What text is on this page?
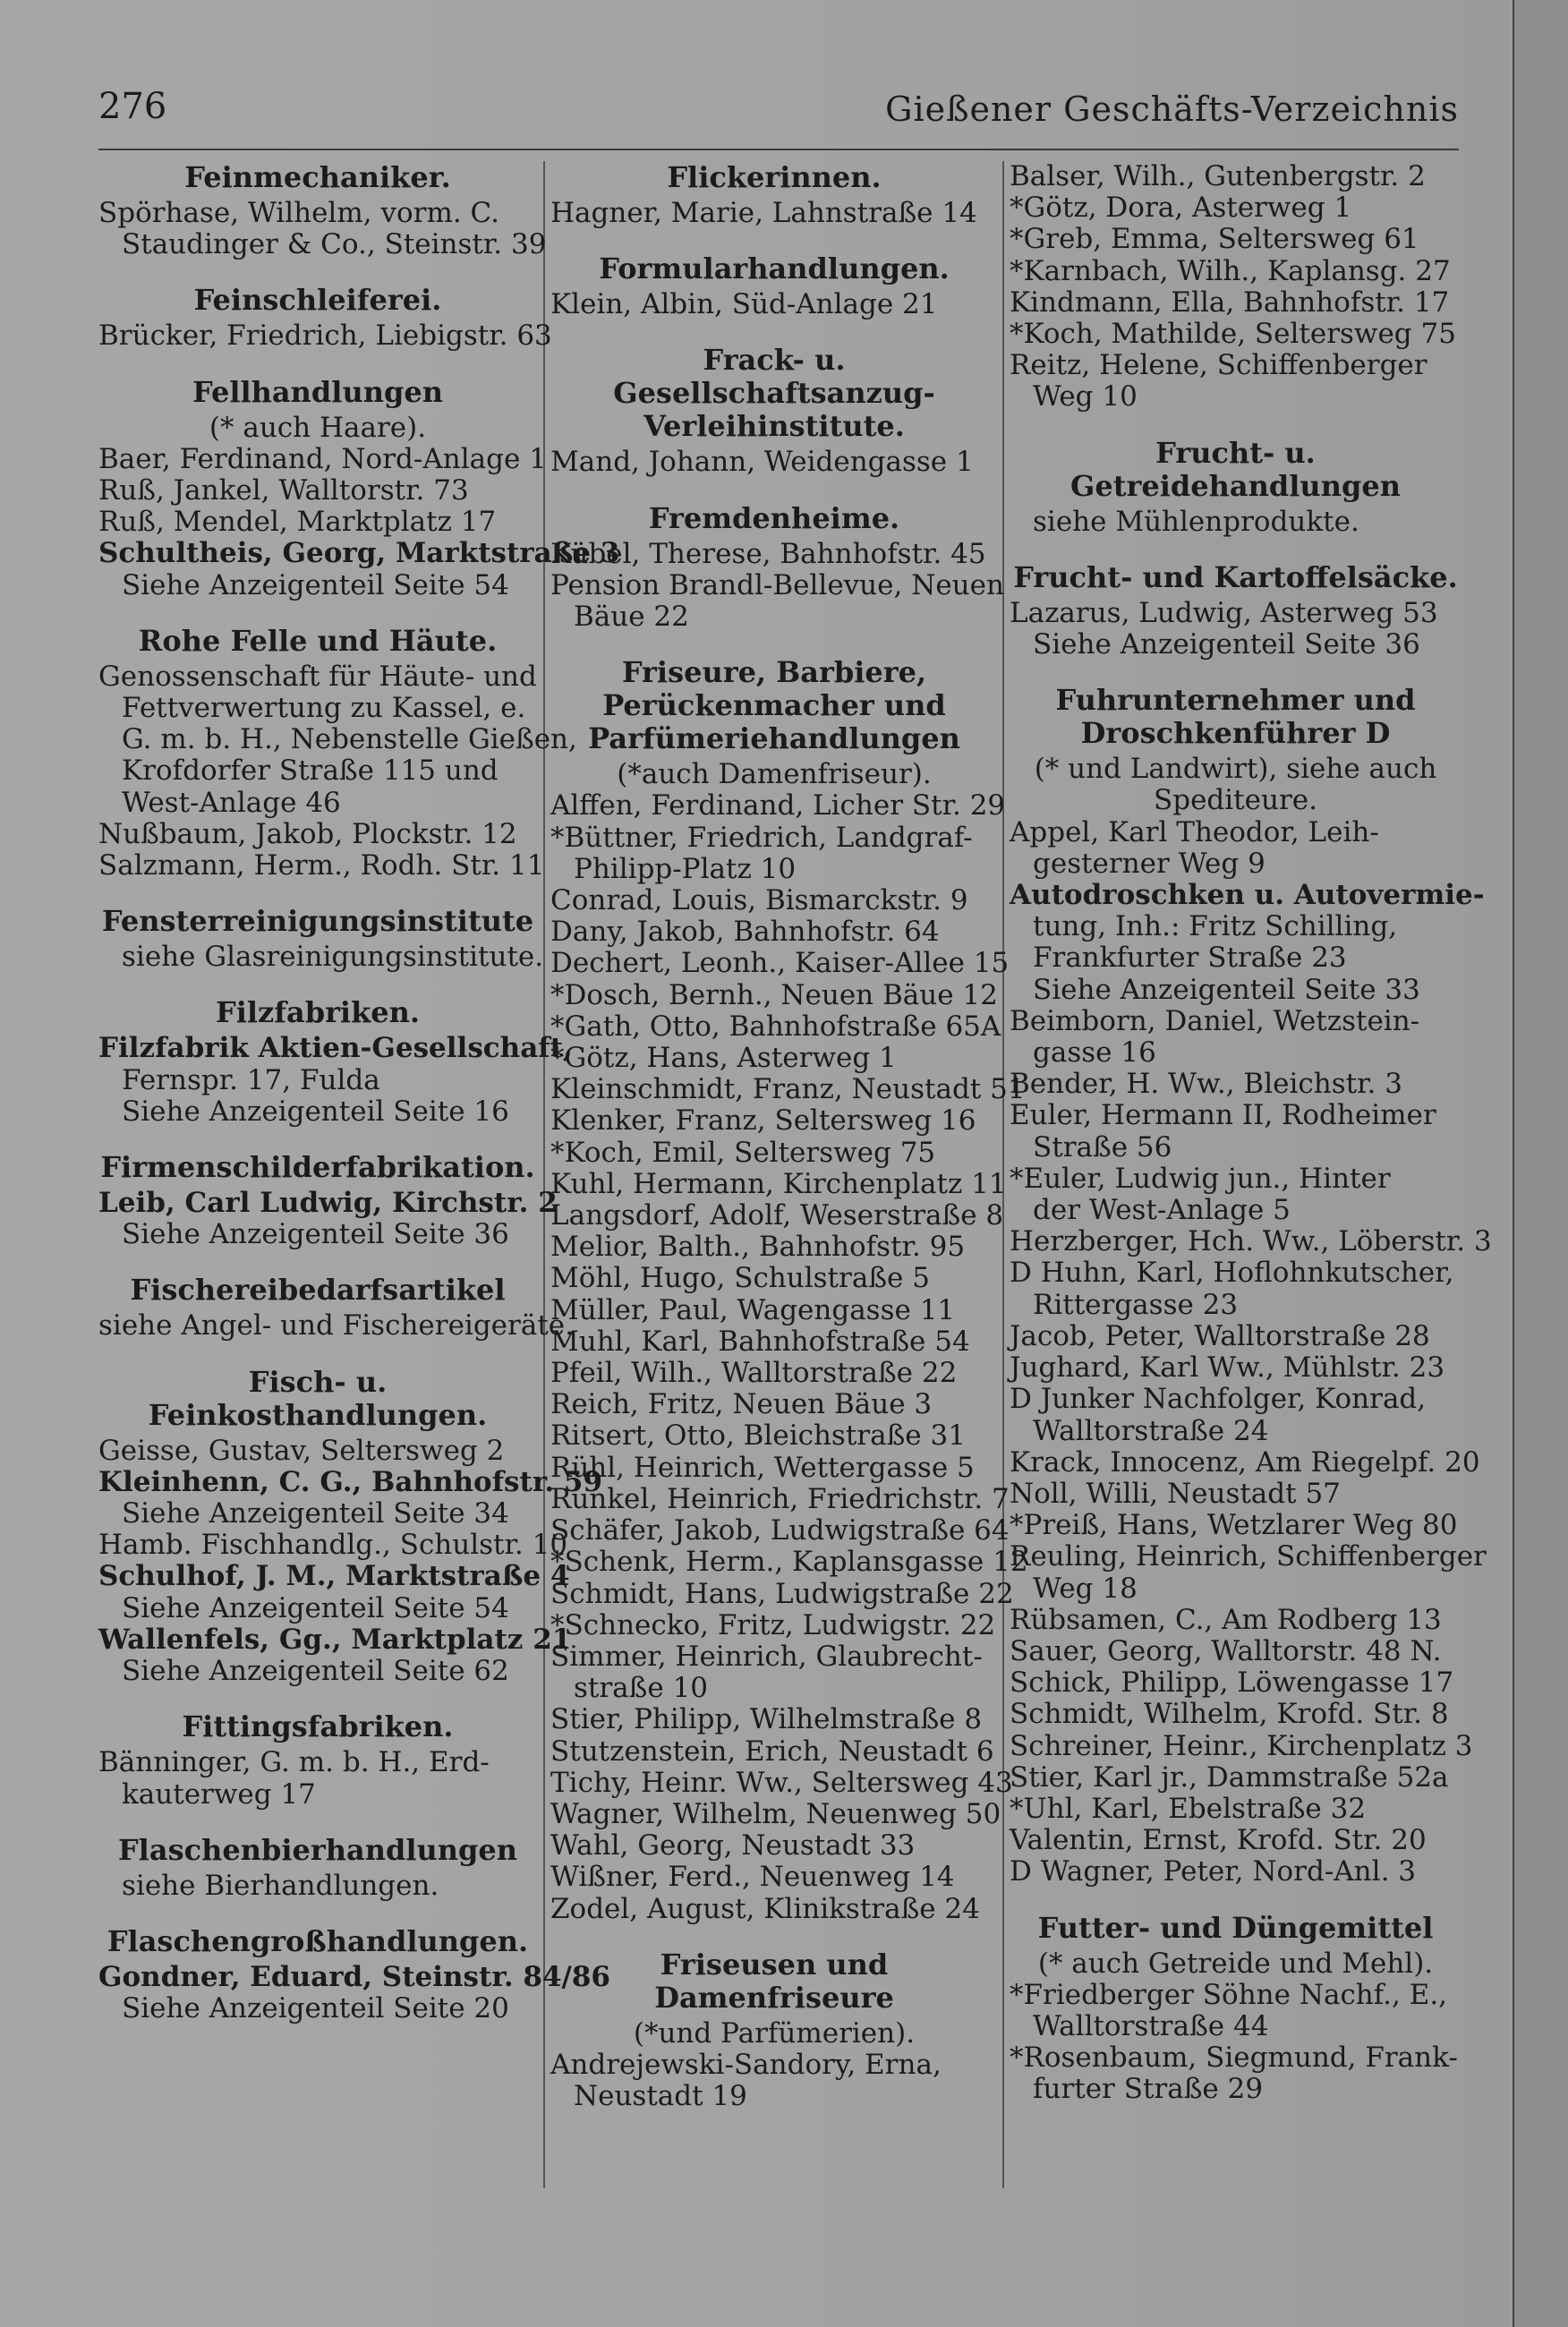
276	Gießener Geschäfts-Verzeichnis
Feinmechaniker.
Spörhase, Wilhelm, vorm. C.
Staudinger & Co., Steinstr. 39
Feinschleiferei.
Brücker, Friedrich, Liebigstr. 63
Fellhandlungen
(* auch Haare).
Baer, Ferdinand, Nord-Anlage 1
Ruß, Jankel, Walltorstr. 73
Ruß, Mendel, Marktplatz 17
Schultheis, Georg, Marktstraße 3
Siehe Anzeigenteil Seite 54
Rohe Felle und Häute.
Genossenschaft für Häute- und
Fettverwertung zu Kassel, e.
G. m. b. H., Nebenstelle Gießen,
Krofdorfer Straße 115 und
West-Anlage 46
Nußbaum, Jakob, Plockstr. 12
Salzmann, Herm., Rodh. Str. 11
Fensterreinigungsinstitute
siehe Glasreinigungsinstitute.
Filzfabriken.
Filzfabrik Aktien-Gesellschaft,
Fernspr. 17, Fulda
Siehe Anzeigenteil Seite 16
Firmenschilderfabrikation.
Leib, Carl Ludwig, Kirchstr. 2
Siehe Anzeigenteil Seite 36
Fischereibedarfsartikel
siehe Angel- und Fischereigeräte.
Fisch- u. Feinkosthandlungen.
Geisse, Gustav, Seltersweg 2
Kleinhenn, C. G., Bahnhofstr. 59
Siehe Anzeigenteil Seite 34
Hamb. Fischhandlg., Schulstr. 10
Schulhof, J. M., Marktstraße 4
Siehe Anzeigenteil Seite 54
Wallenfels, Gg., Marktplatz 21
Siehe Anzeigenteil Seite 62
Fittingsfabriken.
Bänninger, G. m. b. H., Erd-
kauterweg 17
Flaschenbierhandlungen
siehe Bierhandlungen.
Flaschengroßhandlungen.
Gondner, Eduard, Steinstr. 84/86
Siehe Anzeigenteil Seite 20
Flickerinnen.
Hagner, Marie, Lahnstraße 14
Formularhandlungen.
Klein, Albin, Süd-Anlage 21
Frack- u. Gesellschaftsanzug-Verleihinstitute.
Mand, Johann, Weidengasse 1
Fremdenheime.
Kübel, Therese, Bahnhofstr. 45
Pension Brandl-Bellevue, Neuen
Bäue 22
Friseure, Barbiere, Perückenmacher und Parfümeriehandlungen
(*auch Damenfriseur).
Alffen, Ferdinand, Licher Str. 29
*Büttner, Friedrich, Landgraf-
Philipp-Platz 10
Conrad, Louis, Bismarckstr. 9
Dany, Jakob, Bahnhofstr. 64
Dechert, Leonh., Kaiser-Allee 15
*Dosch, Bernh., Neuen Bäue 12
*Gath, Otto, Bahnhofstraße 65A
*Götz, Hans, Asterweg 1
Kleinschmidt, Franz, Neustadt 51
Klenker, Franz, Seltersweg 16
*Koch, Emil, Seltersweg 75
Kuhl, Hermann, Kirchenplatz 11
Langsdorf, Adolf, Weserstraße 8
Melior, Balth., Bahnhofstr. 95
Möhl, Hugo, Schulstraße 5
Müller, Paul, Wagengasse 11
Muhl, Karl, Bahnhofstraße 54
Pfeil, Wilh., Walltorstraße 22
Reich, Fritz, Neuen Bäue 3
Ritsert, Otto, Bleichstraße 31
Rühl, Heinrich, Wettergasse 5
Runkel, Heinrich, Friedrichstr. 7
Schäfer, Jakob, Ludwigstraße 64
*Schenk, Herm., Kaplansgasse 12
Schmidt, Hans, Ludwigstraße 22
*Schnecko, Fritz, Ludwigstr. 22
Simmer, Heinrich, Glaubrecht-
straße 10
Stier, Philipp, Wilhelmstraße 8
Stutzenstein, Erich, Neustadt 6
Tichy, Heinr. Ww., Seltersweg 43
Wagner, Wilhelm, Neuenweg 50
Wahl, Georg, Neustadt 33
Wißner, Ferd., Neuenweg 14
Zodel, August, Klinikstraße 24
Friseusen und Damenfriseure
(*und Parfümerien).
Andrejewski-Sandory, Erna,
Neustadt 19
Balser, Wilh., Gutenbergstr. 2
*Götz, Dora, Asterweg 1
*Greb, Emma, Seltersweg 61
*Karnbach, Wilh., Kaplansg. 27
Kindmann, Ella, Bahnhofstr. 17
*Koch, Mathilde, Seltersweg 75
Reitz, Helene, Schiffenberger
Weg 10
Frucht- u. Getreidehandlungen
siehe Mühlenprodukte.
Frucht- und Kartoffelsäcke.
Lazarus, Ludwig, Asterweg 53
Siehe Anzeigenteil Seite 36
Fuhrunternehmer und Droschkenführer D
(* und Landwirt), siehe auch Spediteure.
Appel, Karl Theodor, Leih-
gesterner Weg 9
Autodroschken u. Autovermie-
tung, Inh.: Fritz Schilling,
Frankfurter Straße 23
Siehe Anzeigenteil Seite 33
Beimborn, Daniel, Wetzstein-
gasse 16
Bender, H. Ww., Bleichstr. 3
Euler, Hermann II, Rodheimer
Straße 56
*Euler, Ludwig jun., Hinter
der West-Anlage 5
Herzberger, Hch. Ww., Löberstr. 3
D Huhn, Karl, Hoflohnkutscher,
Rittergasse 23
Jacob, Peter, Walltorstraße 28
Jughard, Karl Ww., Mühlstr. 23
D Junker Nachfolger, Konrad,
Walltorstraße 24
Krack, Innocenz, Am Riegelpf. 20
Noll, Willi, Neustadt 57
*Preiß, Hans, Wetzlarer Weg 80
Reuling, Heinrich, Schiffenberger
Weg 18
Rübsamen, C., Am Rodberg 13
Sauer, Georg, Walltorstr. 48 N.
Schick, Philipp, Löwengasse 17
Schmidt, Wilhelm, Krofd. Str. 8
Schreiner, Heinr., Kirchenplatz 3
Stier, Karl jr., Dammstraße 52a
*Uhl, Karl, Ebelstraße 32
Valentin, Ernst, Krofd. Str. 20
D Wagner, Peter, Nord-Anl. 3
Futter- und Düngemittel
(* auch Getreide und Mehl).
*Friedberger Söhne Nachf., E.,
Walltorstraße 44
*Rosenbaum, Siegmund, Frank-
furter Straße 29
